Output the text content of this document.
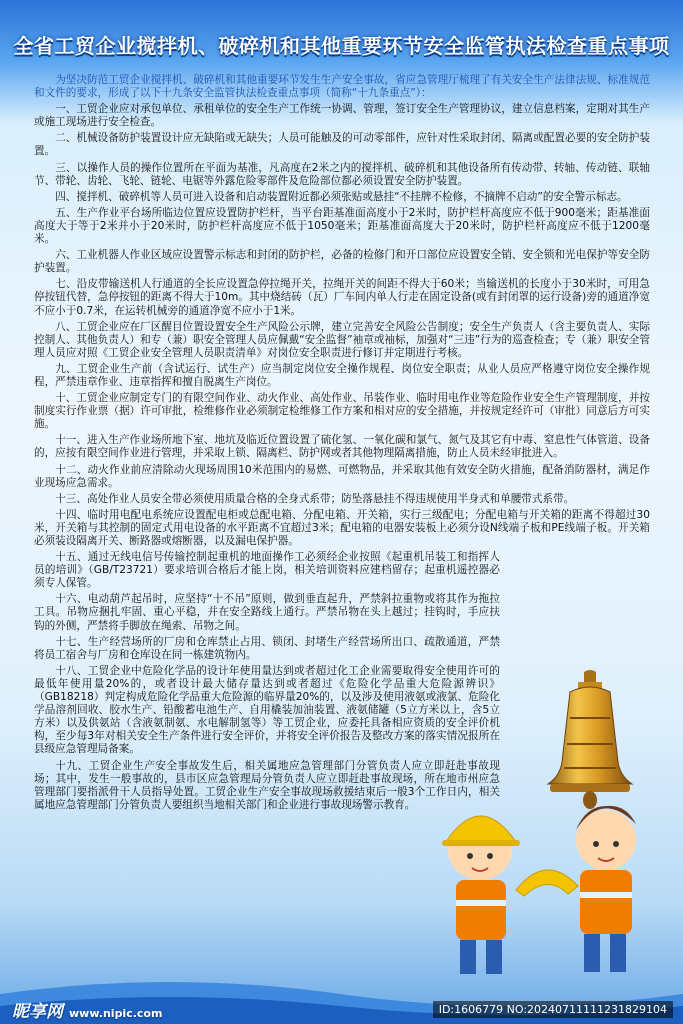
全省工贸企业搅拌机、破碎机和其他重要环节安全监管执法检查重点事项

为坚决防范工贸企业搅拌机、破碎机和其他重要环节发生生产安全事故，省应急管理厅梳理了有关安全生产法律法规、标准规范和文件的要求，形成了以下十九条安全监管执法检查重点事项（简称“十九条重点”）：

一、工贸企业应对承包单位、承租单位的安全生产工作统一协调、管理，签订安全生产管理协议，建立信息档案，定期对其生产或施工现场进行安全检查。

二、机械设备防护装置设计应无缺陷或无缺失；人员可能触及的可动零部件，应针对性采取封闭、隔离或配置必要的安全防护装置。

三、以操作人员的操作位置所在平面为基准，凡高度在2米之内的搅拌机、破碎机和其他设备所有传动带、转轴、传动链、联轴节、带轮、齿轮、飞轮、链轮、电锯等外露危险零部件及危险部位都必须设置安全防护装置。

四、搅拌机、破碎机等人员可进入设备和启动装置附近都必须张贴或悬挂“不挂牌不检修，不摘牌不启动”的安全警示标志。

五、生产作业平台场所临边位置应设置防护栏杆，当平台距基准面高度小于2米时，防护栏杆高度应不低于900毫米；距基准面高度大于等于2米并小于20米时，防护栏杆高度应不低于1050毫米；距基准面高度大于20米时，防护栏杆高度应不低于1200毫米。

六、工业机器人作业区域应设置警示标志和封闭的防护栏，必备的检修门和开口部位应设置安全销、安全锁和光电保护等安全防护装置。

七、沿皮带输送机人行通道的全长应设置急停拉绳开关，拉绳开关的间距不得大于60米；当输送机的长度小于30米时，可用急停按钮代替，急停按钮的距离不得大于10m。其中烧结砖（瓦）厂车间内单人行走在固定设备(或有封闭罩的运行设备)旁的通道净宽不应小于0.7米，在运转机械旁的通道净宽不应小于1米。

八、工贸企业应在厂区醒目位置设置安全生产风险公示牌，建立完善安全风险公告制度；安全生产负责人（含主要负责人、实际控制人、其他负责人）和专（兼）职安全管理人员应佩戴“安全监督”袖章或袖标，加强对“三违”行为的巡查检查；专（兼）职安全管理人员应对照《工贸企业安全管理人员职责清单》对岗位安全职责进行修订并定期进行考核。

九、工贸企业生产前（含试运行、试生产）应当制定岗位安全操作规程、岗位安全职责；从业人员应严格遵守岗位安全操作规程，严禁违章作业、违章指挥和擅自脱离生产岗位。

十、工贸企业应制定专门的有限空间作业、动火作业、高处作业、吊装作业、临时用电作业等危险作业安全生产管理制度，并按制度实行作业票（据）许可审批，检维修作业必须制定检维修工作方案和相对应的安全措施，并按规定经许可（审批）同意后方可实施。

十一、进入生产作业场所地下室、地坑及临近位置设置了硫化氢、一氧化碳和氯气、氮气及其它有中毒、窒息性气体管道、设备的，应按有限空间作业进行管理，并采取上锁、隔离栏、防护网或者其他物理隔离措施，防止人员未经审批进入。

十二、动火作业前应清除动火现场周围10米范围内的易燃、可燃物品，并采取其他有效安全防火措施，配备消防器材，满足作业现场应急需求。

十三、高处作业人员安全带必须使用质量合格的全身式系带；防坠落悬挂不得违规使用半身式和单腰带式系带。

十四、临时用电配电系统应设置配电柜或总配电箱、分配电箱、开关箱，实行三级配电；分配电箱与开关箱的距离不得超过30米，开关箱与其控制的固定式用电设备的水平距离不宜超过3米；配电箱的电器安装板上必须分设N线端子板和PE线端子板。开关箱必须装设隔离开关、断路器或熔断器，以及漏电保护器。

十五、通过无线电信号传输控制起重机的地面操作工必须经企业按照《起重机吊装工和指挥人员的培训》（GB/T23721）要求培训合格后才能上岗，相关培训资料应建档留存；起重机遥控器必须专人保管。

十六、电动葫芦起吊时，应坚持“十不吊”原则，做到垂直起升，严禁斜拉重物或将其作为拖拉工具。吊物应捆扎牢固、重心平稳，并在安全路线上通行。严禁吊物在头上越过；挂钩时，手应扶钩的外侧，严禁将手脚放在绳索、吊物之间。

十七、生产经营场所的厂房和仓库禁止占用、锁闭、封堵生产经营场所出口、疏散通道，严禁将员工宿舍与厂房和仓库设在同一栋建筑物内。

十八、工贸企业中危险化学品的设计年使用量达到或者超过化工企业需要取得安全使用许可的最低年使用量20%的，或者设计最大储存量达到或者超过《危险化学品重大危险源辨识》（GB18218）判定构成危险化学品重大危险源的临界量20%的，以及涉及使用液氨或液氯、危险化学品溶剂回收、胶水生产、铅酸蓄电池生产、自用橇装加油装置、液氨储罐（5立方米以上，含5立方米）以及供氨站（含液氨制氨、水电解制氢等）等工贸企业，应委托具备相应资质的安全评价机构，至少每3年对相关安全生产条件进行安全评价，并将安全评价报告及整改方案的落实情况报所在县级应急管理局备案。

十九、工贸企业生产安全事故发生后，相关属地应急管理部门分管负责人应立即赶赴事故现场；其中，发生一般事故的，县市区应急管理局分管负责人应立即赶赴事故现场，所在地市州应急管理部门要指派骨干人员指导处置。工贸企业生产安全事故现场救援结束后一般3个工作日内，相关属地应急管理部门分管负责人要组织当地相关部门和企业进行事故现场警示教育。

昵享网 www.nipic.com	ID:1606779 NO:20240711111231829104
